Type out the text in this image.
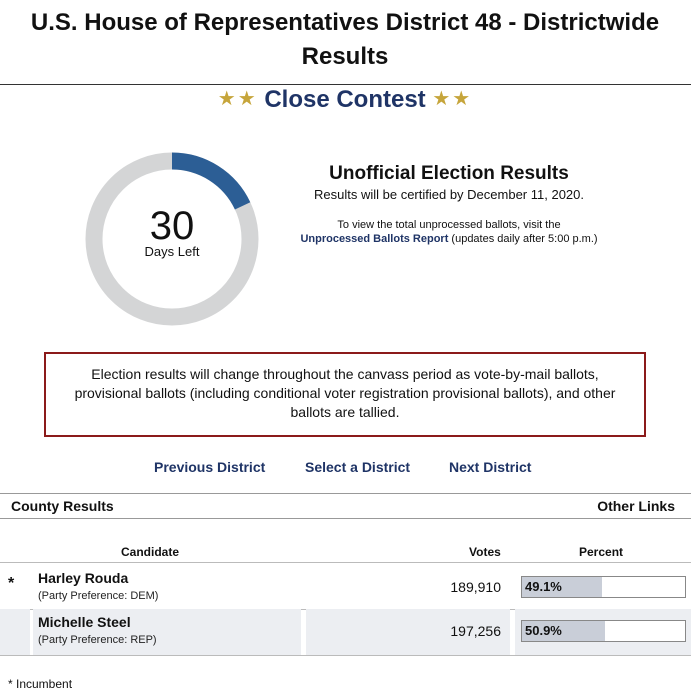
U.S. House of Representatives District 48 - Districtwide Results
★★ Close Contest ★★
30
Days Left
Unofficial Election Results
Results will be certified by December 11, 2020.
To view the total unprocessed ballots, visit the
Unprocessed Ballots Report (updates daily after 5:00 p.m.)
Election results will change throughout the canvass period as vote-by-mail ballots, provisional ballots (including conditional voter registration provisional ballots), and other ballots are tallied.
Previous District	Select a District	Next District
County Results	Other Links
Candidate	Votes	Percent
* Harley Rouda
(Party Preference: DEM)
189,910 49.1%
Michelle Steel
(Party Preference: REP)
197,256 50.9%
* Incumbent
